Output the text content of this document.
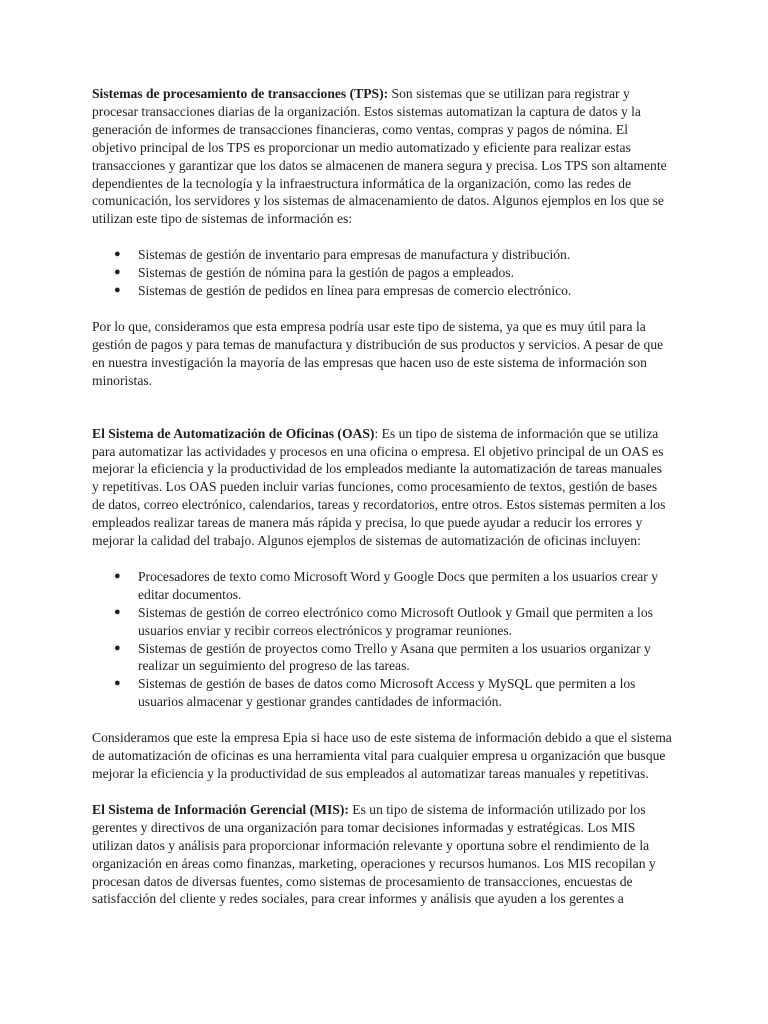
Sistemas de procesamiento de transacciones (TPS): Son sistemas que se utilizan para registrar y procesar transacciones diarias de la organización. Estos sistemas automatizan la captura de datos y la generación de informes de transacciones financieras, como ventas, compras y pagos de nómina. El objetivo principal de los TPS es proporcionar un medio automatizado y eficiente para realizar estas transacciones y garantizar que los datos se almacenen de manera segura y precisa. Los TPS son altamente dependientes de la tecnología y la infraestructura informática de la organización, como las redes de comunicación, los servidores y los sistemas de almacenamiento de datos. Algunos ejemplos en los que se utilizan este tipo de sistemas de información es:

● Sistemas de gestión de inventario para empresas de manufactura y distribución.
● Sistemas de gestión de nómina para la gestión de pagos a empleados.
● Sistemas de gestión de pedidos en línea para empresas de comercio electrónico.

Por lo que, consideramos que esta empresa podría usar este tipo de sistema, ya que es muy útil para la gestión de pagos y para temas de manufactura y distribución de sus productos y servicios. A pesar de que en nuestra investigación la mayoría de las empresas que hacen uso de este sistema de información son minoristas.

El Sistema de Automatización de Oficinas (OAS): Es un tipo de sistema de información que se utiliza para automatizar las actividades y procesos en una oficina o empresa. El objetivo principal de un OAS es mejorar la eficiencia y la productividad de los empleados mediante la automatización de tareas manuales y repetitivas. Los OAS pueden incluir varias funciones, como procesamiento de textos, gestión de bases de datos, correo electrónico, calendarios, tareas y recordatorios, entre otros. Estos sistemas permiten a los empleados realizar tareas de manera más rápida y precisa, lo que puede ayudar a reducir los errores y mejorar la calidad del trabajo. Algunos ejemplos de sistemas de automatización de oficinas incluyen:

● Procesadores de texto como Microsoft Word y Google Docs que permiten a los usuarios crear y editar documentos.
● Sistemas de gestión de correo electrónico como Microsoft Outlook y Gmail que permiten a los usuarios enviar y recibir correos electrónicos y programar reuniones.
● Sistemas de gestión de proyectos como Trello y Asana que permiten a los usuarios organizar y realizar un seguimiento del progreso de las tareas.
● Sistemas de gestión de bases de datos como Microsoft Access y MySQL que permiten a los usuarios almacenar y gestionar grandes cantidades de información.

Consideramos que este la empresa Epia si hace uso de este sistema de información debido a que el sistema de automatización de oficinas es una herramienta vital para cualquier empresa u organización que busque mejorar la eficiencia y la productividad de sus empleados al automatizar tareas manuales y repetitivas.

El Sistema de Información Gerencial (MIS): Es un tipo de sistema de información utilizado por los gerentes y directivos de una organización para tomar decisiones informadas y estratégicas. Los MIS utilizan datos y análisis para proporcionar información relevante y oportuna sobre el rendimiento de la organización en áreas como finanzas, marketing, operaciones y recursos humanos. Los MIS recopilan y procesan datos de diversas fuentes, como sistemas de procesamiento de transacciones, encuestas de satisfacción del cliente y redes sociales, para crear informes y análisis que ayuden a los gerentes a
